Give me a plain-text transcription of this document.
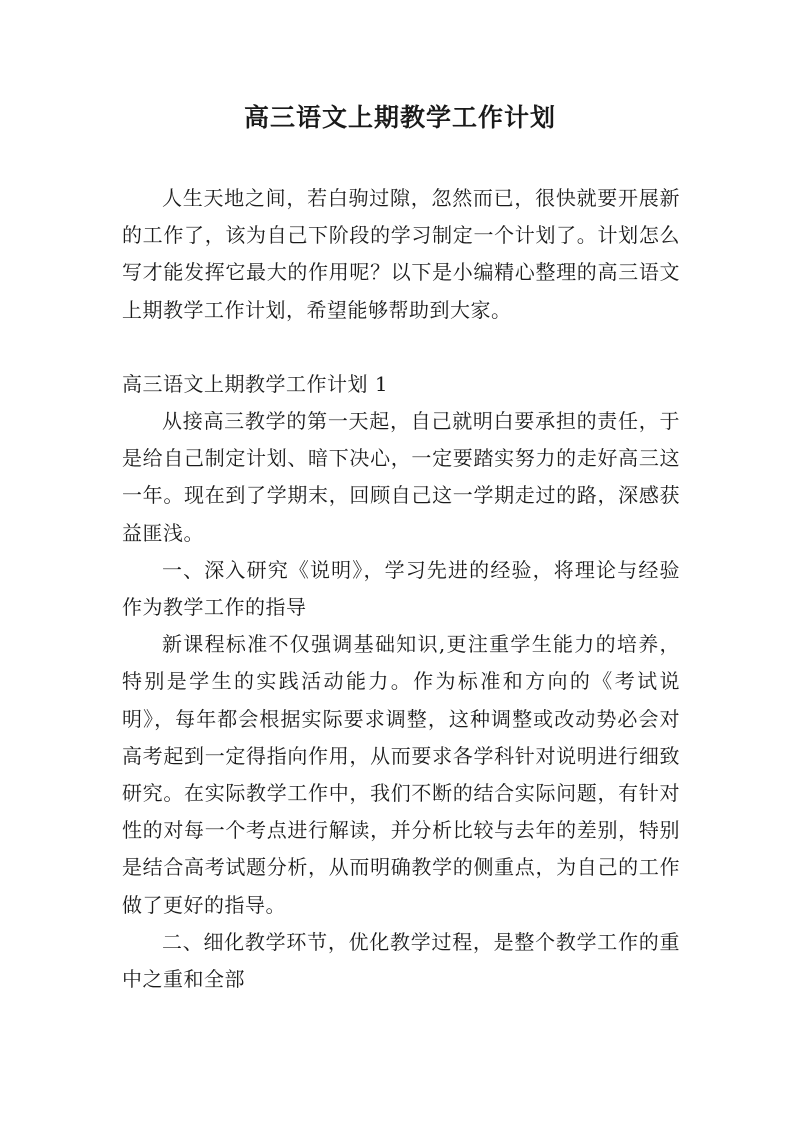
高三语文上期教学工作计划

人生天地之间，若白驹过隙，忽然而已，很快就要开展新的工作了，该为自己下阶段的学习制定一个计划了。计划怎么写才能发挥它最大的作用呢？以下是小编精心整理的高三语文上期教学工作计划，希望能够帮助到大家。

高三语文上期教学工作计划 1

从接高三教学的第一天起，自己就明白要承担的责任，于是给自己制定计划、暗下决心，一定要踏实努力的走好高三这一年。现在到了学期末，回顾自己这一学期走过的路，深感获益匪浅。

一、深入研究《说明》，学习先进的经验，将理论与经验作为教学工作的指导

新课程标准不仅强调基础知识,更注重学生能力的培养，特别是学生的实践活动能力。作为标准和方向的《考试说明》，每年都会根据实际要求调整，这种调整或改动势必会对高考起到一定得指向作用，从而要求各学科针对说明进行细致研究。在实际教学工作中，我们不断的结合实际问题，有针对性的对每一个考点进行解读，并分析比较与去年的差别，特别是结合高考试题分析，从而明确教学的侧重点，为自己的工作做了更好的指导。

二、细化教学环节，优化教学过程，是整个教学工作的重中之重和全部
